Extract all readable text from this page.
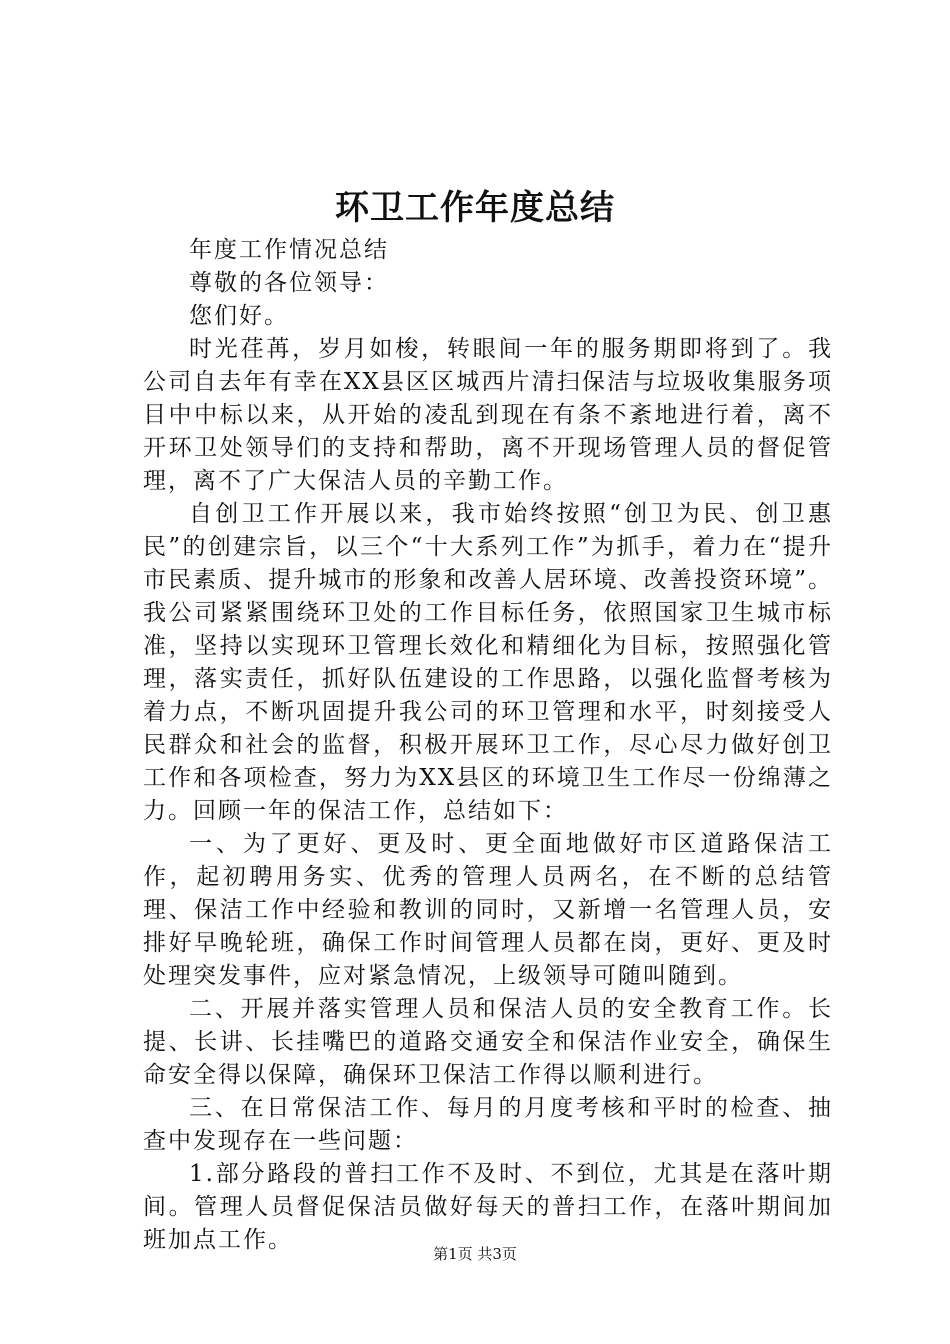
环卫工作年度总结

年度工作情况总结

尊敬的各位领导：

您们好。

时光荏苒，岁月如梭，转眼间一年的服务期即将到了。我公司自去年有幸在XX县区区城西片清扫保洁与垃圾收集服务项目中中标以来，从开始的凌乱到现在有条不紊地进行着，离不开环卫处领导们的支持和帮助，离不开现场管理人员的督促管理，离不了广大保洁人员的辛勤工作。

自创卫工作开展以来，我市始终按照“创卫为民、创卫惠民”的创建宗旨，以三个“十大系列工作”为抓手，着力在“提升市民素质、提升城市的形象和改善人居环境、改善投资环境”。我公司紧紧围绕环卫处的工作目标任务，依照国家卫生城市标准，坚持以实现环卫管理长效化和精细化为目标，按照强化管理，落实责任，抓好队伍建设的工作思路，以强化监督考核为着力点，不断巩固提升我公司的环卫管理和水平，时刻接受人民群众和社会的监督，积极开展环卫工作，尽心尽力做好创卫工作和各项检查，努力为XX县区的环境卫生工作尽一份绵薄之力。回顾一年的保洁工作，总结如下：

一、为了更好、更及时、更全面地做好市区道路保洁工作，起初聘用务实、优秀的管理人员两名，在不断的总结管理、保洁工作中经验和教训的同时，又新增一名管理人员，安排好早晚轮班，确保工作时间管理人员都在岗，更好、更及时处理突发事件，应对紧急情况，上级领导可随叫随到。

二、开展并落实管理人员和保洁人员的安全教育工作。长提、长讲、长挂嘴巴的道路交通安全和保洁作业安全，确保生命安全得以保障，确保环卫保洁工作得以顺利进行。

三、在日常保洁工作、每月的月度考核和平时的检查、抽查中发现存在一些问题：

1.部分路段的普扫工作不及时、不到位，尤其是在落叶期间。管理人员督促保洁员做好每天的普扫工作，在落叶期间加班加点工作。

第1页 共3页
